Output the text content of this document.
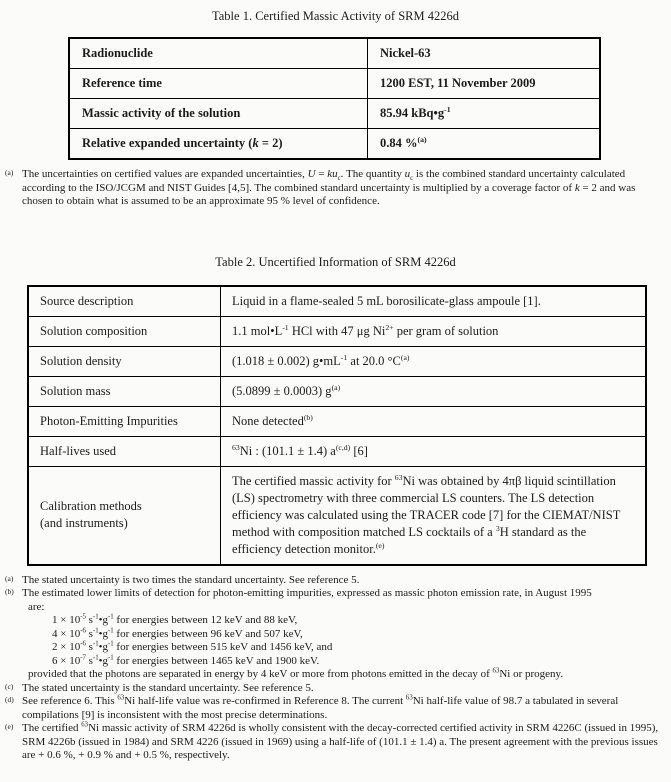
Table 1. Certified Massic Activity of SRM 4226d
Radionuclide	Nickel-63
Reference time	1200 EST, 11 November 2009
Massic activity of the solution	85.94 $kBq•g^{-1}$
Relative expanded uncertainty (k = 2)	0.84 %$^{(a)}$
(a) The uncertainties on certified values are expanded uncertainties, $U = ku_c$. The quantity $u_c$ is the combined standard uncertainty calculated according to the ISO/JCGM and NIST Guides [4,5]. The combined standard uncertainty is multiplied by a coverage factor of k = 2 and was chosen to obtain what is assumed to be an approximate 95 % level of confidence.
Table 2. Uncertified Information of SRM 4226d
Source description	Liquid in a flame-sealed 5 mL borosilicate-glass ampoule [1].
Solution composition	1.1 $mol•L^{-1}$ HCl with 47 μg $Ni^{2+}$ per gram of solution
Solution density	(1.018 ± 0.002) $g•mL^{-1}$ at 20.0 $^\circ C^{(a)}$
Solution mass	(5.0899 ± 0.0003) $g^{(a)}$
Photon-Emitting Impurities	None detected$^{(b)}$
Half-lives used	$^{63}$Ni : (101.1 ± 1.4) $a^{(c,d)}$ [6]
Calibration methods
(and instruments)	The certified massic activity for $^{63}$Ni was obtained by 4πβ liquid scintillation (LS) spectrometry with three commercial LS counters. The LS detection efficiency was calculated using the TRACER code [7] for the CIEMAT/NIST method with composition matched LS cocktails of a $^3$H standard as the efficiency detection monitor.$^{(e)}$
(a) The stated uncertainty is two times the standard uncertainty. See reference 5.
(b) The estimated lower limits of detection for photon-emitting impurities, expressed as massic photon emission rate, in August 1995
are:
$1 \times 10^{-5}$ $s^{-1}•g^{-1}$ for energies between 12 keV and 88 keV,
$4 \times 10^{-6}$ $s^{-1}•g^{-1}$ for energies between 96 keV and 507 keV,
$2 \times 10^{-6}$ $s^{-1}•g^{-1}$ for energies between 515 keV and 1456 keV, and
$6 \times 10^{-7}$ $s^{-1}•g^{-1}$ for energies between 1465 keV and 1900 keV.
provided that the photons are separated in energy by 4 keV or more from photons emitted in the decay of $^{63}$Ni or progeny.
(c) The stated uncertainty is the standard uncertainty. See reference 5.
(d) See reference 6. This $^{63}$Ni half-life value was re-confirmed in Reference 8. The current $^{63}$Ni half-life value of 98.7 a tabulated in several compilations [9] is inconsistent with the most precise determinations.
(e) The certified $^{63}$Ni massic activity of SRM 4226d is wholly consistent with the decay-corrected certified activity in SRM 4226C (issued in 1995), SRM 4226b (issued in 1984) and SRM 4226 (issued in 1969) using a half-life of (101.1 ± 1.4) a. The present agreement with the previous issues are + 0.6 %, + 0.9 % and + 0.5 %, respectively.
